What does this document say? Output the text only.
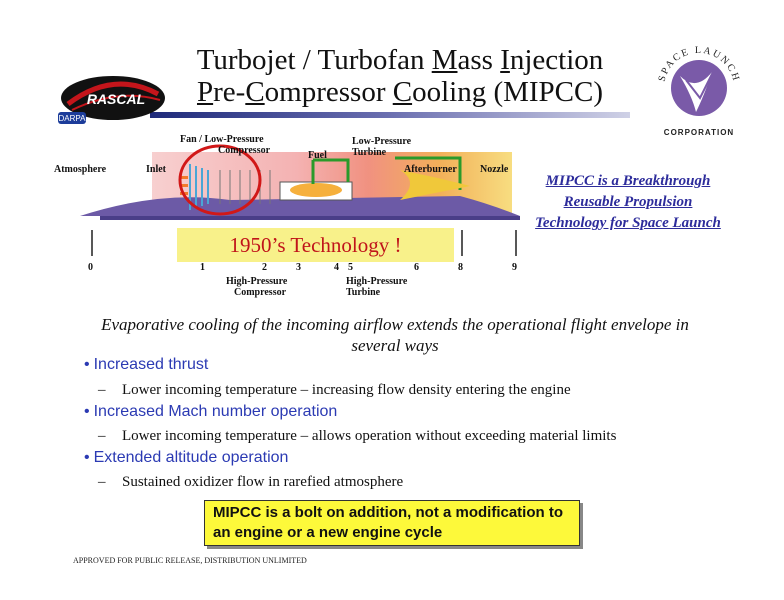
Turbojet / Turbofan Mass Injection
Pre-Compressor Cooling (MIPCC)
RASCAL
DARPA
SPACE LAUNCH
CORPORATION
Fan / Low-Pressure
Compressor	Fuel
Low-Pressure
Turbine
Atmosphere	Inlet	Afterburner Nozzle
0	1	2	3	4 5	6	8	9
High-Pressure
Compressor
High-Pressure
Turbine
1950’s Technology !
MIPCC is a Breakthrough Reusable Propulsion Technology for Space Launch
Evaporative cooling of the incoming airflow extends the operational flight envelope in several ways
• Increased thrust
– Lower incoming temperature – increasing flow density entering the engine
• Increased Mach number operation
– Lower incoming temperature – allows operation without exceeding material limits
• Extended altitude operation
– Sustained oxidizer flow in rarefied atmosphere
MIPCC is a bolt on addition, not a modification to an engine or a new engine cycle
APPROVED FOR PUBLIC RELEASE, DISTRIBUTION UNLIMITED
